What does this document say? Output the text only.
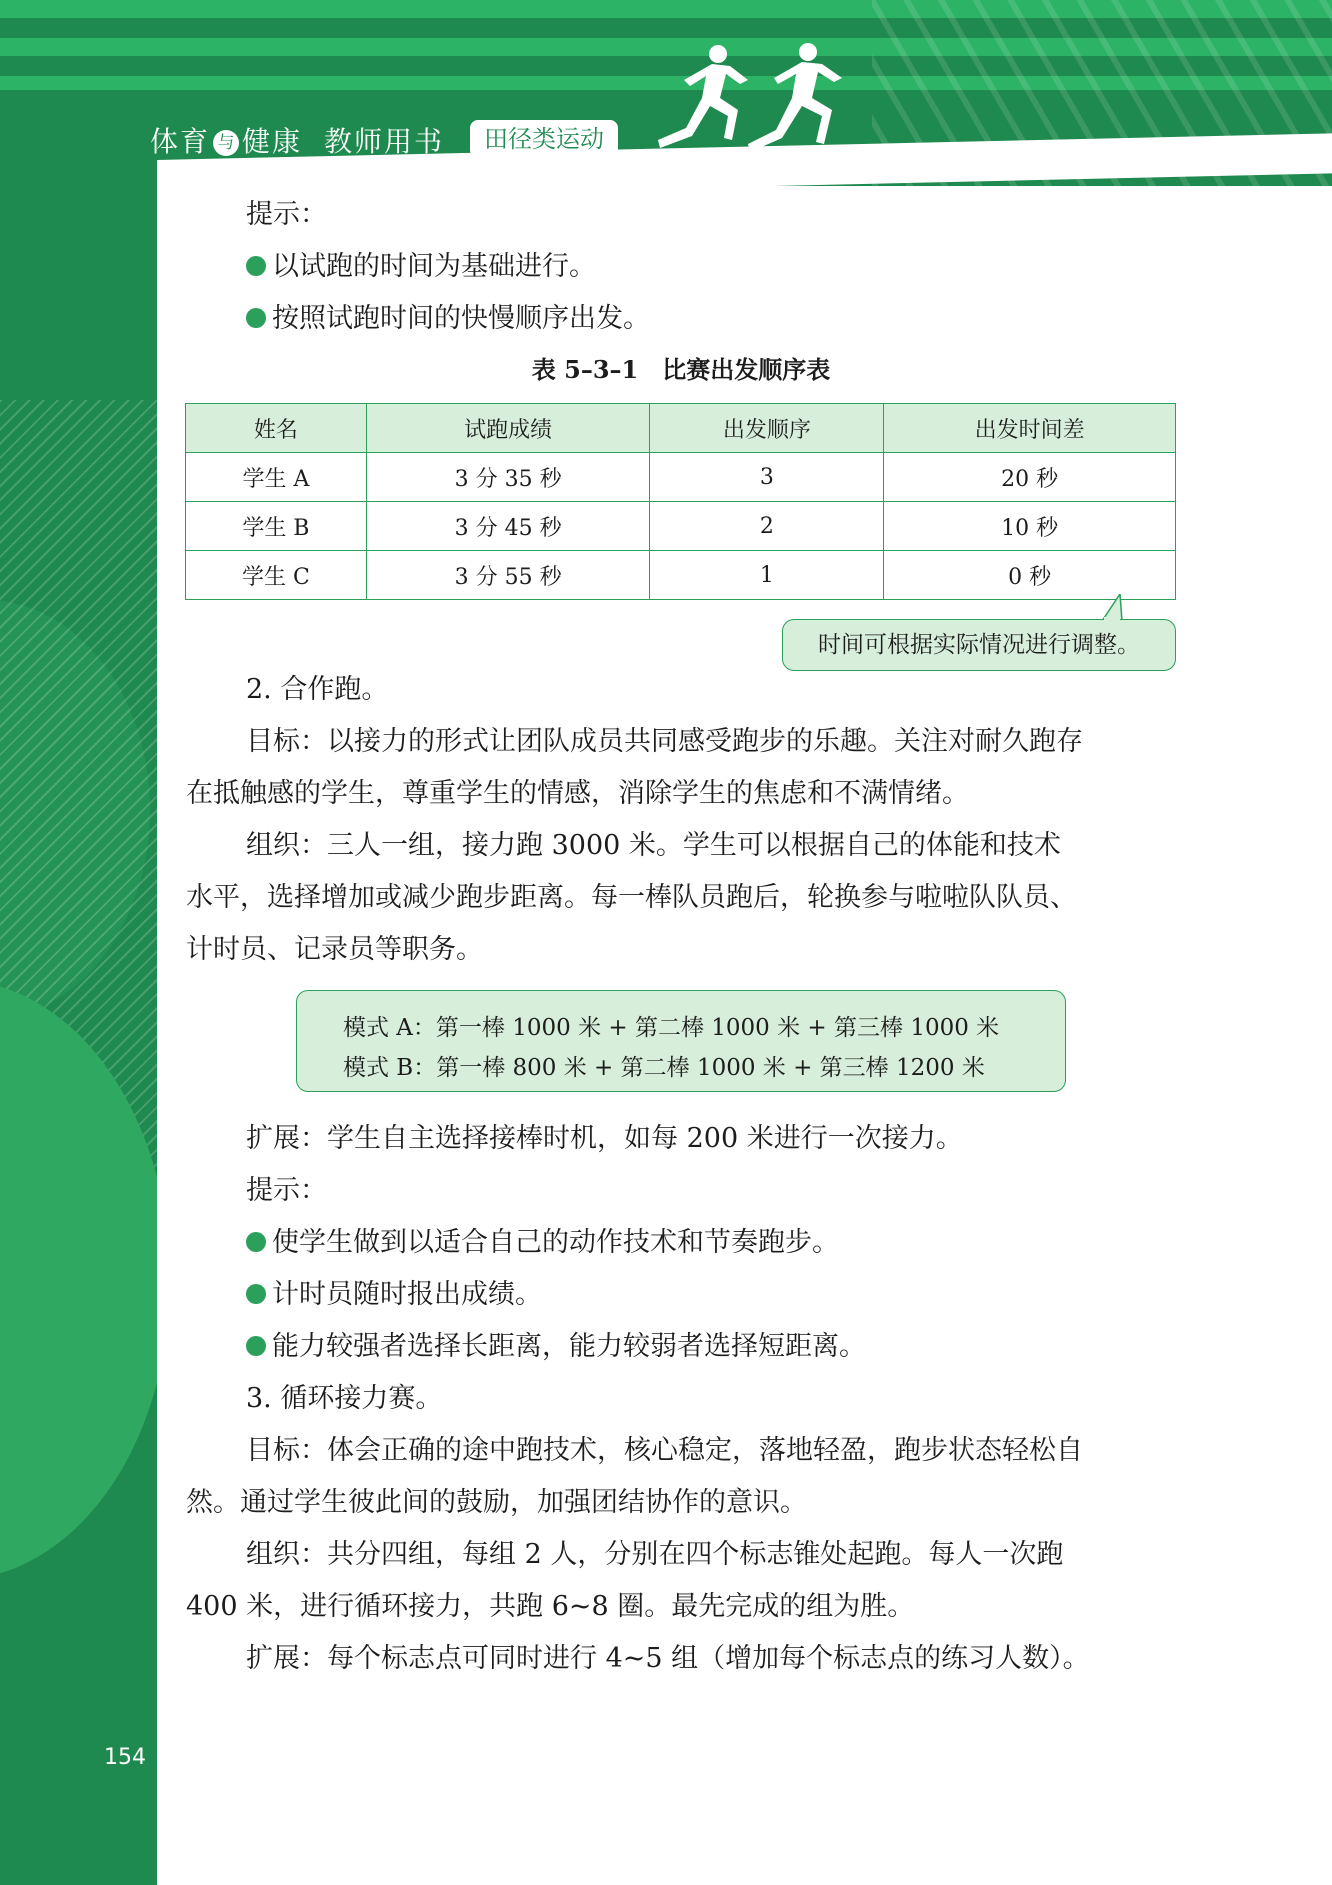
体育 与 健康 教师用书	田径类运动
提示：
以试跑的时间为基础进行。
按照试跑时间的快慢顺序出发。
表 5–3–1　比赛出发顺序表
姓名	试跑成绩	出发顺序	出发时间差
学生 A	3 分 35 秒	3	20 秒
学生 B	3 分 45 秒	2	10 秒
学生 C	3 分 55 秒	1	0 秒
时间可根据实际情况进行调整。
2. 合作跑。
目标：以接力的形式让团队成员共同感受跑步的乐趣。关注对耐久跑存
在抵触感的学生，尊重学生的情感，消除学生的焦虑和不满情绪。
组织：三人一组，接力跑 3000 米。学生可以根据自己的体能和技术
水平，选择增加或减少跑步距离。每一棒队员跑后，轮换参与啦啦队队员、
计时员、记录员等职务。
模式 A：第一棒 1000 米 + 第二棒 1000 米 + 第三棒 1000 米
模式 B：第一棒 800 米 + 第二棒 1000 米 + 第三棒 1200 米
扩展：学生自主选择接棒时机，如每 200 米进行一次接力。
提示：
使学生做到以适合自己的动作技术和节奏跑步。
计时员随时报出成绩。
能力较强者选择长距离，能力较弱者选择短距离。
3. 循环接力赛。
目标：体会正确的途中跑技术，核心稳定，落地轻盈，跑步状态轻松自
然。通过学生彼此间的鼓励，加强团结协作的意识。
组织：共分四组，每组 2 人，分别在四个标志锥处起跑。每人一次跑
400 米，进行循环接力，共跑 6~8 圈。最先完成的组为胜。
扩展：每个标志点可同时进行 4~5 组（增加每个标志点的练习人数）。
154
